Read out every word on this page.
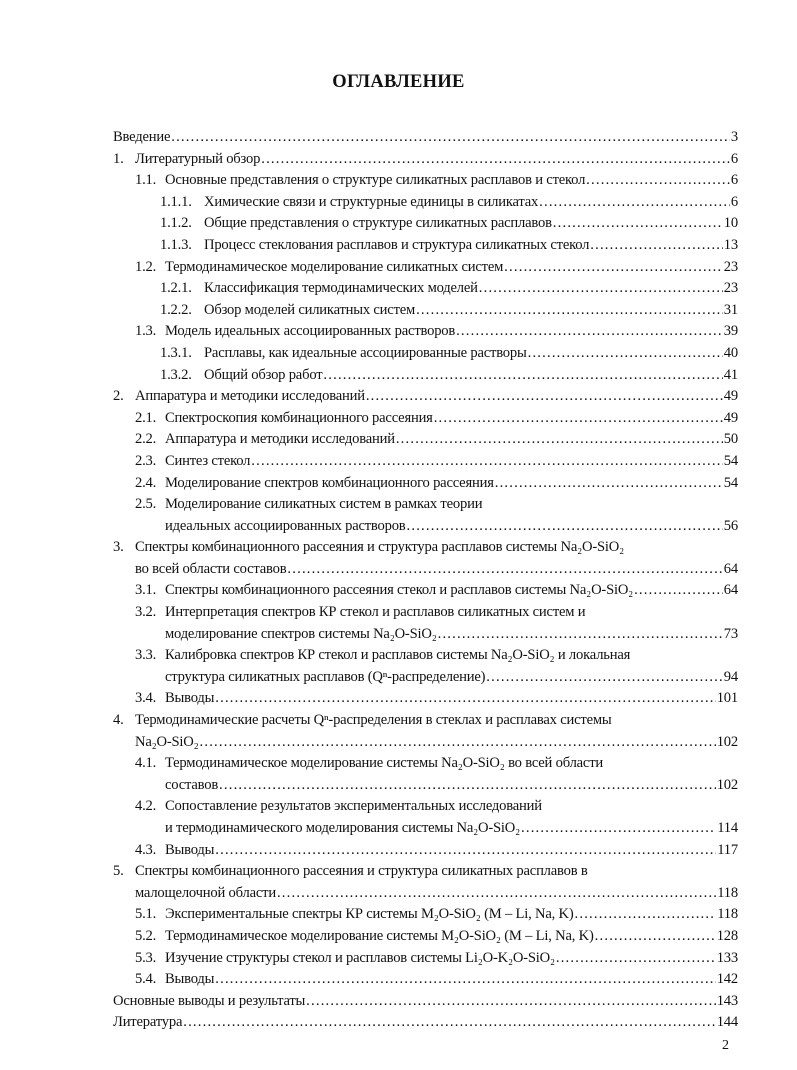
ОГЛАВЛЕНИЕ
Введение .....	3
1. Литературный обзор .....	6
1.1. Основные представления о структуре силикатных расплавов и стекол .....	6
1.1.1. Химические связи и структурные единицы в силикатах .....	6
1.1.2. Общие представления о структуре силикатных расплавов .....	10
1.1.3. Процесс стеклования расплавов и структура силикатных стекол .....	13
1.2. Термодинамическое моделирование силикатных систем .....	23
1.2.1. Классификация термодинамических моделей .....	23
1.2.2. Обзор моделей силикатных систем .....	31
1.3. Модель идеальных ассоциированных растворов .....	39
1.3.1. Расплавы, как идеальные ассоциированные растворы .....	40
1.3.2. Общий обзор работ .....	41
2. Аппаратура и методики исследований .....	49
2.1. Спектроскопия комбинационного рассеяния .....	49
2.2. Аппаратура и методики исследований .....	50
2.3. Синтез стекол .....	54
2.4. Моделирование спектров комбинационного рассеяния .....	54
2.5. Моделирование силикатных систем в рамках теории
идеальных ассоциированных растворов .....	56
3. Спектры комбинационного рассеяния и структура расплавов системы Na₂O-SiO₂
во всей области составов .....	64
3.1. Спектры комбинационного рассеяния стекол и расплавов системы Na₂O-SiO₂ .....	64
3.2. Интерпретация спектров КР стекол и расплавов силикатных систем и
моделирование спектров системы Na₂O-SiO₂ .....	73
3.3. Калибровка спектров КР стекол и расплавов системы Na₂O-SiO₂ и локальная
структура силикатных расплавов (Qⁿ-распределение) .....	94
3.4. Выводы .....	101
4. Термодинамические расчеты Qⁿ-распределения в стеклах и расплавах системы
Na₂O-SiO₂ .....	102
4.1. Термодинамическое моделирование системы Na₂O-SiO₂ во всей области
составов .....	102
4.2. Сопоставление результатов экспериментальных исследований
и термодинамического моделирования системы Na₂O-SiO₂ .....	114
4.3. Выводы .....	117
5. Спектры комбинационного рассеяния и структура силикатных расплавов в
малощелочной области .....	118
5.1. Экспериментальные спектры КР системы M₂O-SiO₂ (M – Li, Na, K) .....	118
5.2. Термодинамическое моделирование системы M₂O-SiO₂ (M – Li, Na, K) .....	128
5.3. Изучение структуры стекол и расплавов системы Li₂O-K₂O-SiO₂ .....	133
5.4. Выводы .....	142
Основные выводы и результаты .....	143
Литература .....	144
2
